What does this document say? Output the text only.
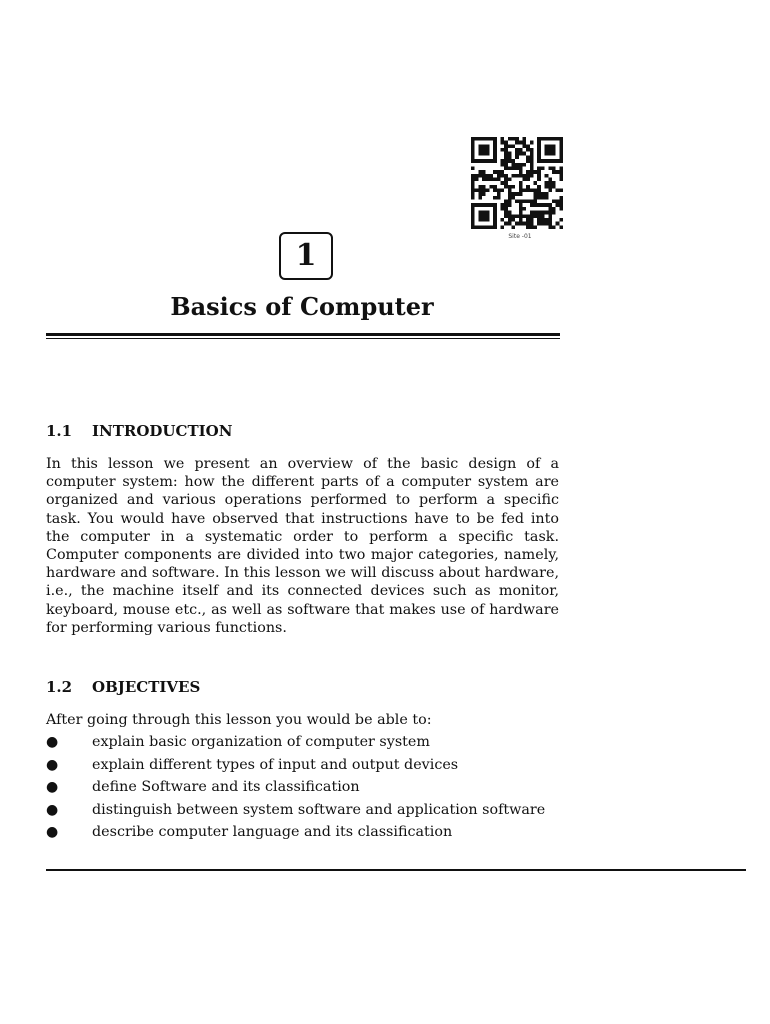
Site -01
1
Basics of Computer
1.1 INTRODUCTION

In this lesson we present an overview of the basic design of a computer system: how the different parts of a computer system are organized and various operations performed to perform a specific task. You would have observed that instructions have to be fed into the computer in a systematic order to perform a specific task. Computer components are divided into two major categories, namely, hardware and software. In this lesson we will discuss about hardware, i.e., the machine itself and its connected devices such as monitor, keyboard, mouse etc., as well as software that makes use of hardware for performing various functions.

1.2 OBJECTIVES
After going through this lesson you would be able to:
● explain basic organization of computer system
● explain different types of input and output devices
● define Software and its classification
● distinguish between system software and application software
● describe computer language and its classification
